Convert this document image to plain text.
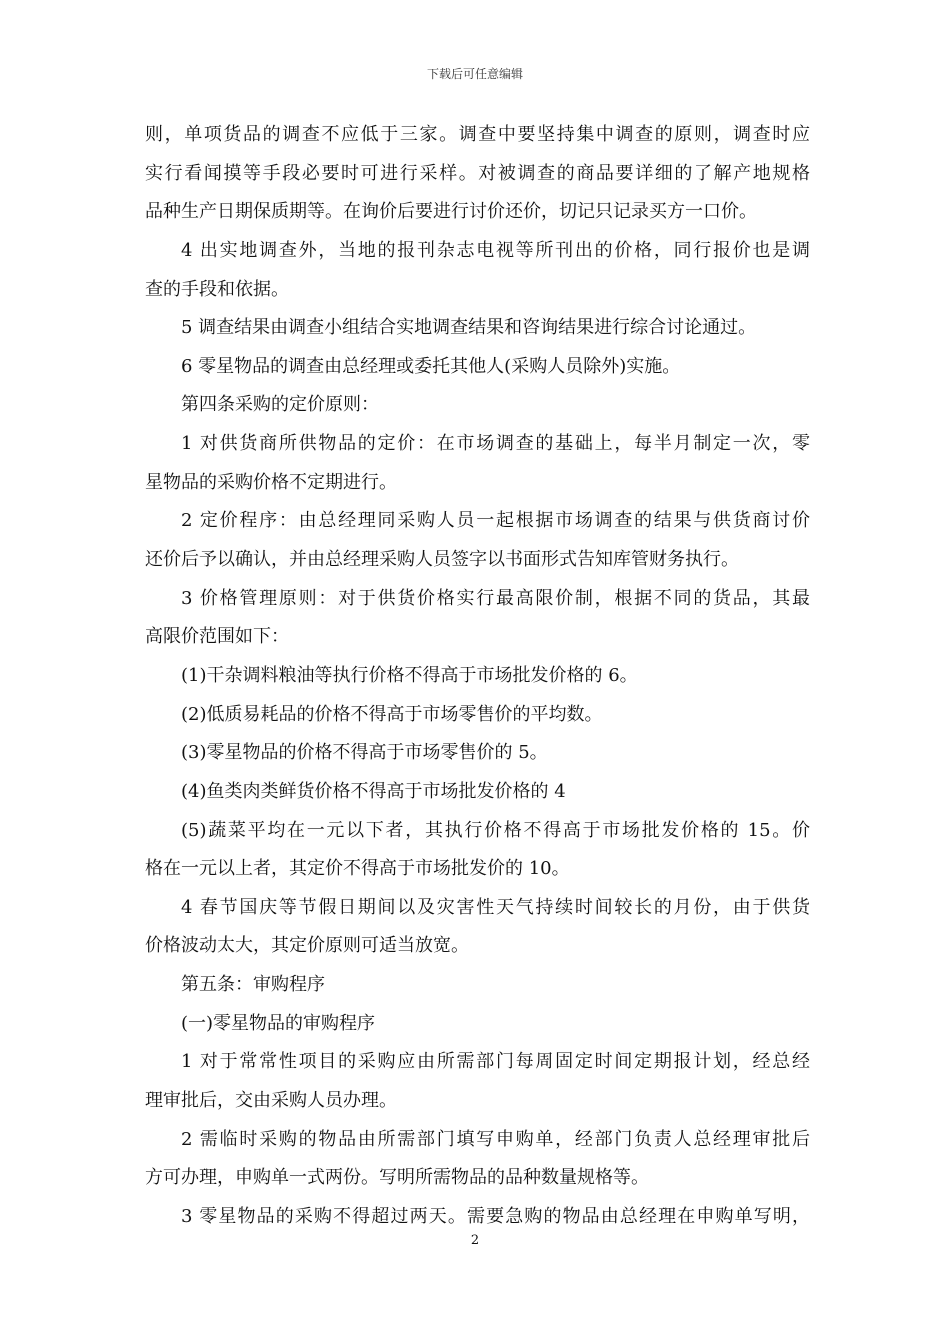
下载后可任意编辑
则，单项货品的调查不应低于三家。调查中要坚持集中调查的原则，调查时应
实行看闻摸等手段必要时可进行采样。对被调查的商品要详细的了解产地规格
品种生产日期保质期等。在询价后要进行讨价还价，切记只记录买方一口价。
4 出实地调查外，当地的报刊杂志电视等所刊出的价格，同行报价也是调
查的手段和依据。
5 调查结果由调查小组结合实地调查结果和咨询结果进行综合讨论通过。
6 零星物品的调查由总经理或委托其他人(采购人员除外)实施。
第四条采购的定价原则：
1 对供货商所供物品的定价：在市场调查的基础上，每半月制定一次，零
星物品的采购价格不定期进行。
2 定价程序：由总经理同采购人员一起根据市场调查的结果与供货商讨价
还价后予以确认，并由总经理采购人员签字以书面形式告知库管财务执行。
3 价格管理原则：对于供货价格实行最高限价制，根据不同的货品，其最
高限价范围如下：
(1)干杂调料粮油等执行价格不得高于市场批发价格的 6。
(2)低质易耗品的价格不得高于市场零售价的平均数。
(3)零星物品的价格不得高于市场零售价的 5。
(4)鱼类肉类鲜货价格不得高于市场批发价格的 4
(5)蔬菜平均在一元以下者，其执行价格不得高于市场批发价格的 15。价
格在一元以上者，其定价不得高于市场批发价的 10。
4 春节国庆等节假日期间以及灾害性天气持续时间较长的月份，由于供货
价格波动太大，其定价原则可适当放宽。
第五条：审购程序
(一)零星物品的审购程序
1 对于常常性项目的采购应由所需部门每周固定时间定期报计划，经总经
理审批后，交由采购人员办理。
2 需临时采购的物品由所需部门填写申购单，经部门负责人总经理审批后
方可办理，申购单一式两份。写明所需物品的品种数量规格等。
3 零星物品的采购不得超过两天。需要急购的物品由总经理在申购单写明，
2
